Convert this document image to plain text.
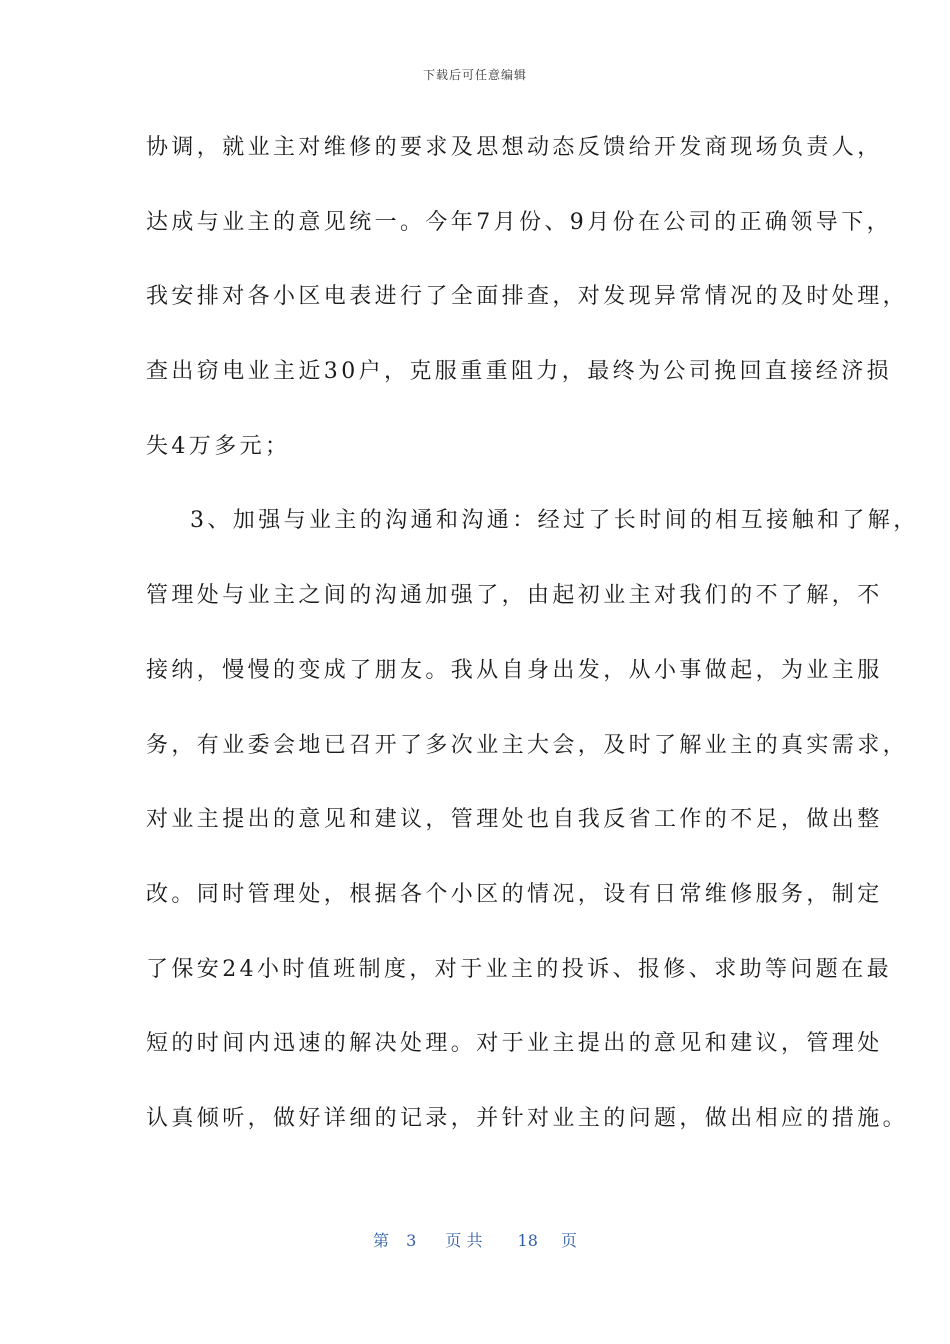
下载后可任意编辑
协调，就业主对维修的要求及思想动态反馈给开发商现场负责人，
达成与业主的意见统一。今年7月份、9月份在公司的正确领导下，
我安排对各小区电表进行了全面排查，对发现异常情况的及时处理，
查出窃电业主近30户，克服重重阻力，最终为公司挽回直接经济损
失4万多元；
3、加强与业主的沟通和沟通：经过了长时间的相互接触和了解，
管理处与业主之间的沟通加强了，由起初业主对我们的不了解，不
接纳，慢慢的变成了朋友。我从自身出发，从小事做起，为业主服
务，有业委会地已召开了多次业主大会，及时了解业主的真实需求，
对业主提出的意见和建议，管理处也自我反省工作的不足，做出整
改。同时管理处，根据各个小区的情况，设有日常维修服务，制定
了保安24小时值班制度，对于业主的投诉、报修、求助等问题在最
短的时间内迅速的解决处理。对于业主提出的意见和建议，管理处
认真倾听，做好详细的记录，并针对业主的问题，做出相应的措施。
第 3 页 共 18 页
